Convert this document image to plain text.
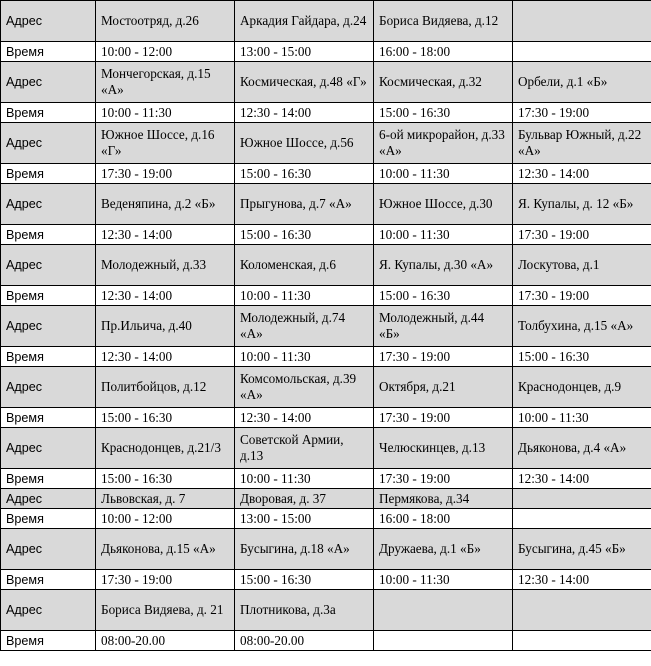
Адрес	Мостоотряд, д.26	Аркадия Гайдара, д.24	Бориса Видяева, д.12	
Время	10:00 - 12:00	13:00 - 15:00	16:00 - 18:00	
Адрес	Мончегорская, д.15 «А»	Космическая, д.48 «Г»	Космическая, д.32	Орбели, д.1 «Б»
Время	10:00 - 11:30	12:30 - 14:00	15:00 - 16:30	17:30 - 19:00
Адрес	Южное Шоссе, д.16 «Г»	Южное Шоссе, д.56	6-ой микрорайон, д.33 «А»	Бульвар Южный, д.22 «А»
Время	17:30 - 19:00	15:00 - 16:30	10:00 - 11:30	12:30 - 14:00
Адрес	Веденяпина, д.2 «Б»	Прыгунова, д.7 «А»	Южное Шоссе, д.30	Я. Купалы, д. 12 «Б»
Время	12:30 - 14:00	15:00 - 16:30	10:00 - 11:30	17:30 - 19:00
Адрес	Молодежный, д.33	Коломенская, д.6	Я. Купалы, д.30 «А»	Лоскутова, д.1
Время	12:30 - 14:00	10:00 - 11:30	15:00 - 16:30	17:30 - 19:00
Адрес	Пр.Ильича, д.40	Молодежный, д.74 «А»	Молодежный, д.44 «Б»	Толбухина, д.15 «А»
Время	12:30 - 14:00	10:00 - 11:30	17:30 - 19:00	15:00 - 16:30
Адрес	Политбойцов, д.12	Комсомольская, д.39 «А»	Октября, д.21	Краснодонцев, д.9
Время	15:00 - 16:30	12:30 - 14:00	17:30 - 19:00	10:00 - 11:30
Адрес	Краснодонцев, д.21/3	Советской Армии, д.13	Челюскинцев, д.13	Дьяконова, д.4 «А»
Время	15:00 - 16:30	10:00 - 11:30	17:30 - 19:00	12:30 - 14:00
Адрес	Львовская, д. 7	Дворовая, д. 37	Пермякова, д.34	
Время	10:00 - 12:00	13:00 - 15:00	16:00 - 18:00	
Адрес	Дьяконова, д.15 «А»	Бусыгина, д.18 «А»	Дружаева, д.1 «Б»	Бусыгина, д.45 «Б»
Время	17:30 - 19:00	15:00 - 16:30	10:00 - 11:30	12:30 - 14:00
Адрес	Бориса Видяева, д. 21	Плотникова, д.3а		
Время	08:00-20.00	08:00-20.00		
